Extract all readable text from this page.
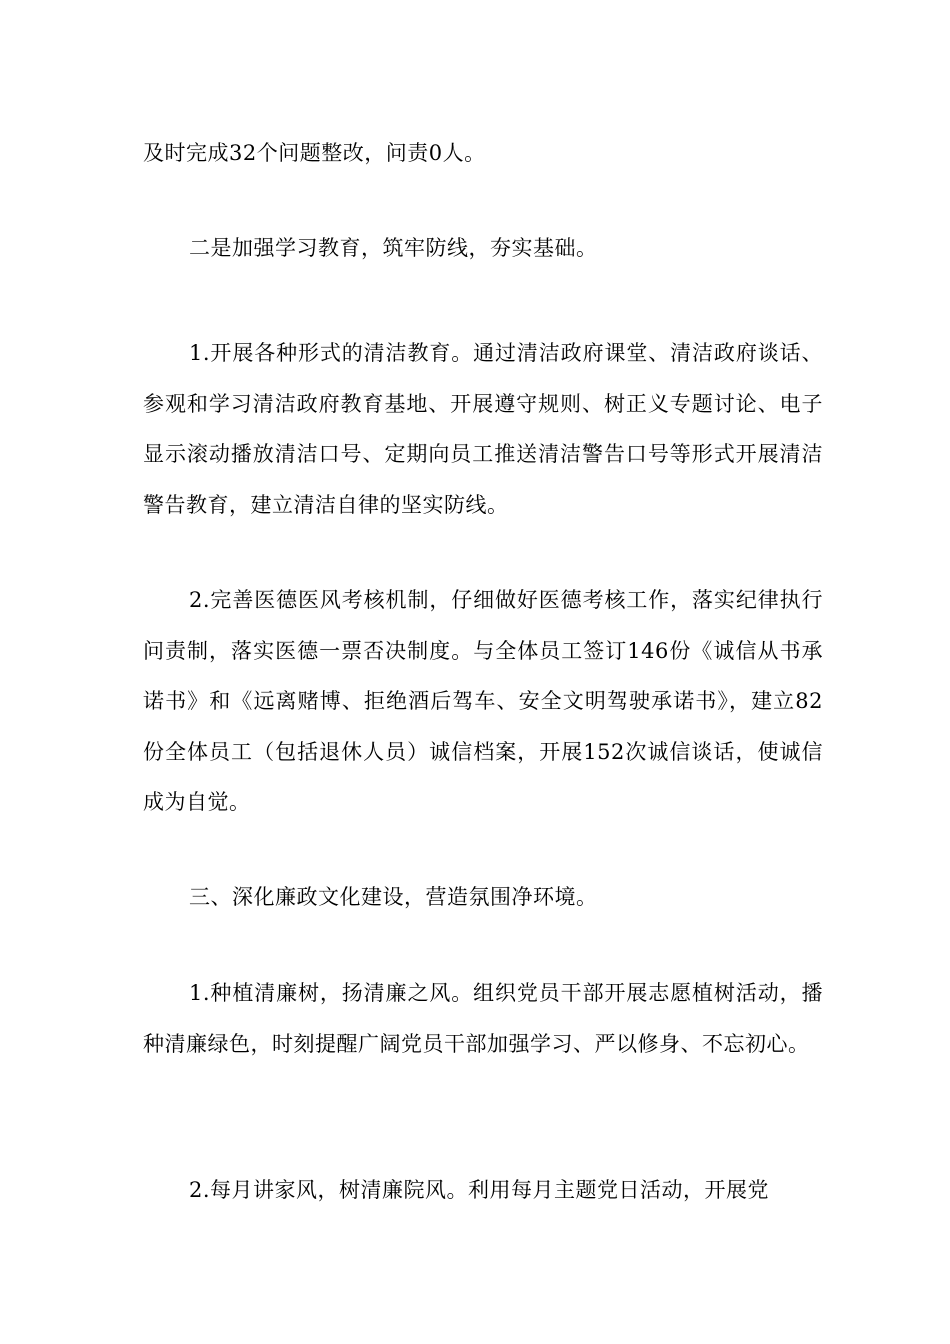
及时完成32个问题整改，问责0人。

二是加强学习教育，筑牢防线，夯实基础。

1.开展各种形式的清洁教育。通过清洁政府课堂、清洁政府谈话、参观和学习清洁政府教育基地、开展遵守规则、树正义专题讨论、电子显示滚动播放清洁口号、定期向员工推送清洁警告口号等形式开展清洁警告教育，建立清洁自律的坚实防线。

2.完善医德医风考核机制，仔细做好医德考核工作，落实纪律执行问责制，落实医德一票否决制度。与全体员工签订146份《诚信从书承诺书》和《远离赌博、拒绝酒后驾车、安全文明驾驶承诺书》，建立82份全体员工（包括退休人员）诚信档案，开展152次诚信谈话，使诚信成为自觉。

三、深化廉政文化建设，营造氛围净环境。

1.种植清廉树，扬清廉之风。组织党员干部开展志愿植树活动，播种清廉绿色，时刻提醒广阔党员干部加强学习、严以修身、不忘初心。

2.每月讲家风，树清廉院风。利用每月主题党日活动，开展党
